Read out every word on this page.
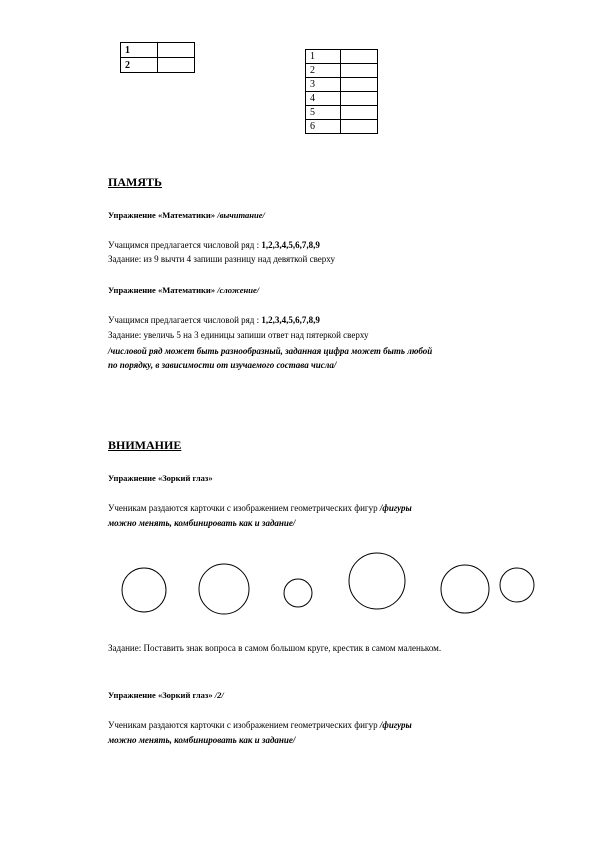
1	
2	
1	
2	
3	
4	
5	
6	
ПАМЯТЬ
Упражнение «Математики» /вычитание/
Учащимся предлагается числовой ряд : 1,2,3,4,5,6,7,8,9
Задание: из 9 вычти 4 запиши разницу над девяткой сверху
Упражнение «Математики» /сложение/
Учащимся предлагается числовой ряд : 1,2,3,4,5,6,7,8,9
Задание: увеличь 5 на 3 единицы запиши ответ над пятеркой сверху
/числовой ряд может быть разнообразный, заданная цифра может быть любой
по порядку, в зависимости от изучаемого состава числа/
ВНИМАНИЕ
Упражнение «Зоркий глаз»
Ученикам раздаются карточки с изображением геометрических фигур /фигуры
можно менять, комбинировать как и задание/
Задание: Поставить знак вопроса в самом большом круге, крестик в самом маленьком.
Упражнение «Зоркий глаз» /2/
Ученикам раздаются карточки с изображением геометрических фигур /фигуры
можно менять, комбинировать как и задание/
